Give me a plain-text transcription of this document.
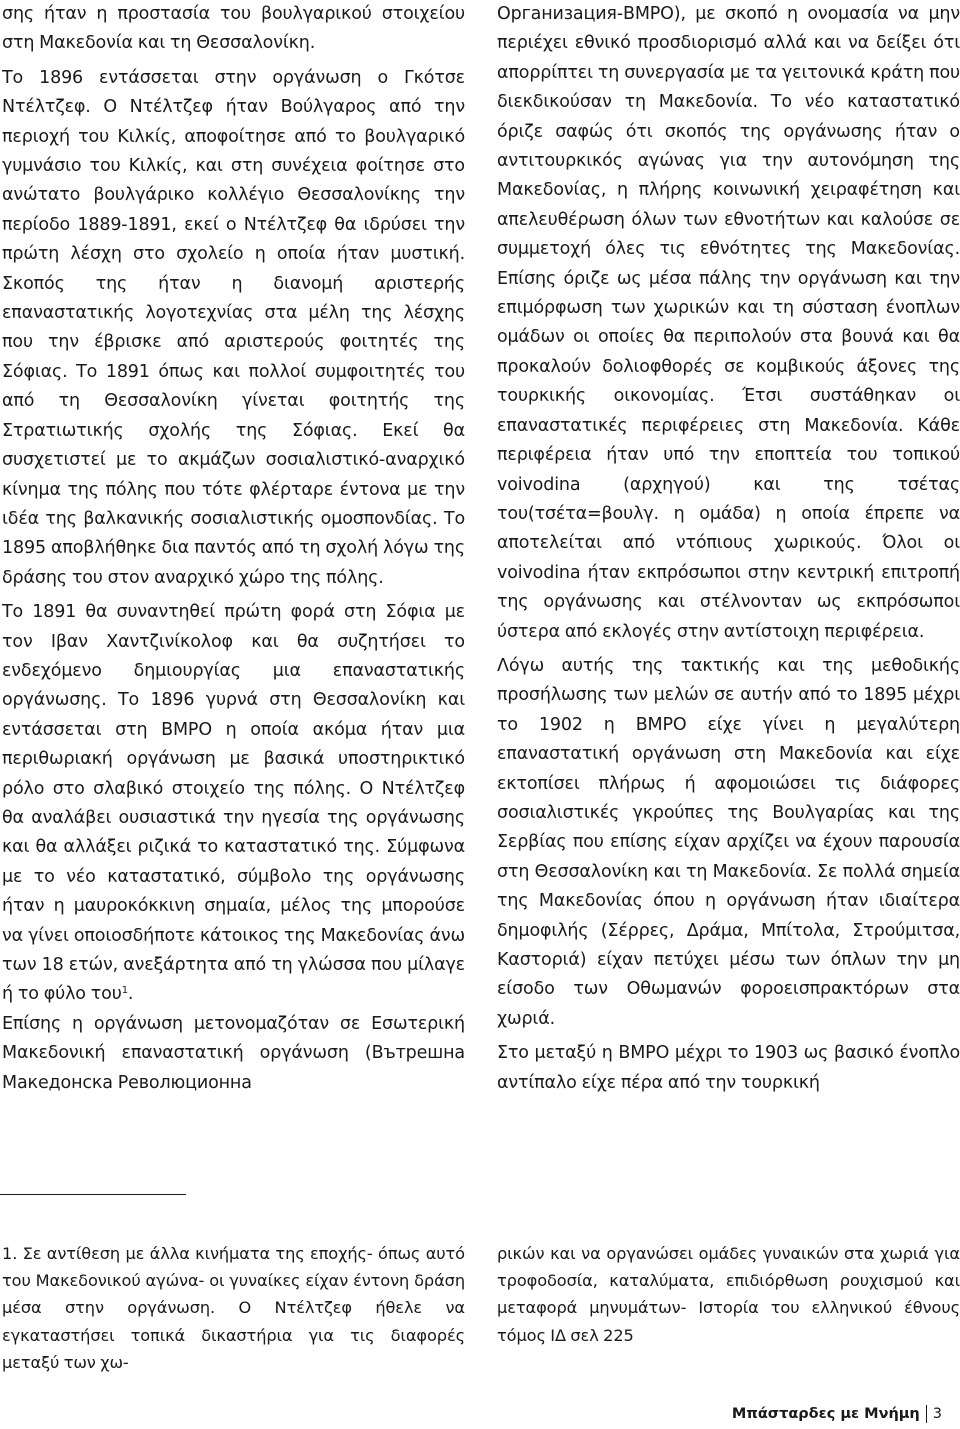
σης ήταν η προστασία του βουλγαρικού στοιχείου στη Μακεδονία και τη Θεσσαλονίκη.

Το 1896 εντάσσεται στην οργάνωση ο Γκότσε Ντέλτζεφ. Ο Ντέλτζεφ ήταν Βούλγαρος από την περιοχή του Κιλκίς, αποφοίτησε από το βουλγαρικό γυμνάσιο του Κιλκίς, και στη συνέχεια φοίτησε στο ανώτατο βουλγάρικο κολλέγιο Θεσσαλονίκης την περίοδο 1889-1891, εκεί ο Ντέλτζεφ θα ιδρύσει την πρώτη λέσχη στο σχολείο η οποία ήταν μυστική. Σκοπός της ήταν η διανομή αριστερής επαναστατικής λογοτεχνίας στα μέλη της λέσχης που την έβρισκε από αριστερούς φοιτητές της Σόφιας. Το 1891 όπως και πολλοί συμφοιτητές του από τη Θεσσαλονίκη γίνεται φοιτητής της Στρατιωτικής σχολής της Σόφιας. Εκεί θα συσχετιστεί με το ακμάζων σοσιαλιστικό-αναρχικό κίνημα της πόλης που τότε φλέρταρε έντονα με την ιδέα της βαλκανικής σοσιαλιστικής ομοσπονδίας. Το 1895 αποβλήθηκε δια παντός από τη σχολή λόγω της δράσης του στον αναρχικό χώρο της πόλης.

Το 1891 θα συναντηθεί πρώτη φορά στη Σόφια με τον Ιβαν Χαντζινίκολοφ και θα συζητήσει το ενδεχόμενο δημιουργίας μια επαναστατικής οργάνωσης. Το 1896 γυρνά στη Θεσσαλονίκη και εντάσσεται στη ΒΜΡΟ η οποία ακόμα ήταν μια περιθωριακή οργάνωση με βασικά υποστηρικτικό ρόλο στο σλαβικό στοιχείο της πόλης. Ο Ντέλτζεφ θα αναλάβει ουσιαστικά την ηγεσία της οργάνωσης και θα αλλάξει ριζικά το καταστατικό της. Σύμφωνα με το νέο καταστατικό, σύμβολο της οργάνωσης ήταν η μαυροκόκκινη σημαία, μέλος της μπορούσε να γίνει οποιοσδήποτε κάτοικος της Μακεδονίας άνω των 18 ετών, ανεξάρτητα από τη γλώσσα που μίλαγε ή το φύλο του$^1$.
Επίσης η οργάνωση μετονομαζόταν σε Εσωτερική Μακεδονική επαναστατική οργάνωση (Вътрешна Македонска Революционна

Организация-ΒΜΡΟ), με σκοπό η ονομασία να μην περιέχει εθνικό προσδιορισμό αλλά και να δείξει ότι απορρίπτει τη συνεργασία με τα γειτονικά κράτη που διεκδικούσαν τη Μακεδονία. Το νέο καταστατικό όριζε σαφώς ότι σκοπός της οργάνωσης ήταν ο αντιτουρκικός αγώνας για την αυτονόμηση της Μακεδονίας, η πλήρης κοινωνική χειραφέτηση και απελευθέρωση όλων των εθνοτήτων και καλούσε σε συμμετοχή όλες τις εθνότητες της Μακεδονίας. Επίσης όριζε ως μέσα πάλης την οργάνωση και την επιμόρφωση των χωρικών και τη σύσταση ένοπλων ομάδων οι οποίες θα περιπολούν στα βουνά και θα προκαλούν δολιοφθορές σε κομβικούς άξονες της τουρκικής οικονομίας. Έτσι συστάθηκαν οι επαναστατικές περιφέρειες στη Μακεδονία. Κάθε περιφέρεια ήταν υπό την εποπτεία του τοπικού voivodina (αρχηγού) και της τσέτας του(τσέτα=βουλγ. η ομάδα) η οποία έπρεπε να αποτελείται από ντόπιους χωρικούς. Όλοι οι voivodina ήταν εκπρόσωποι στην κεντρική επιτροπή της οργάνωσης και στέλνονταν ως εκπρόσωποι ύστερα από εκλογές στην αντίστοιχη περιφέρεια.

Λόγω αυτής της τακτικής και της μεθοδικής προσήλωσης των μελών σε αυτήν από το 1895 μέχρι το 1902 η ΒΜΡΟ είχε γίνει η μεγαλύτερη επαναστατική οργάνωση στη Μακεδονία και είχε εκτοπίσει πλήρως ή αφομοιώσει τις διάφορες σοσιαλιστικές γκρούπες της Βουλγαρίας και της Σερβίας που επίσης είχαν αρχίζει να έχουν παρουσία στη Θεσσαλονίκη και τη Μακεδονία. Σε πολλά σημεία της Μακεδονίας όπου η οργάνωση ήταν ιδιαίτερα δημοφιλής (Σέρρες, Δράμα, Μπίτολα, Στρούμιτσα, Καστοριά) είχαν πετύχει μέσω των όπλων την μη είσοδο των Οθωμανών φοροεισπρακτόρων στα χωριά.

Στο μεταξύ η ΒΜΡΟ μέχρι το 1903 ως βασικό ένοπλο αντίπαλο είχε πέρα από την τουρκική

1. Σε αντίθεση με άλλα κινήματα της εποχής- όπως αυτό του Μακεδονικού αγώνα- οι γυναίκες είχαν έντονη δράση μέσα στην οργάνωση. Ο Ντέλτζεφ ήθελε να εγκαταστήσει τοπικά δικαστήρια για τις διαφορές μεταξύ των χω-

ρικών και να οργανώσει ομάδες γυναικών στα χωριά για τροφοδοσία, καταλύματα, επιδιόρθωση ρουχισμού και μεταφορά μηνυμάτων- Ιστορία του ελληνικού έθνους τόμος ΙΔ σελ 225

Μπάσταρδες με Μνήμη 3
